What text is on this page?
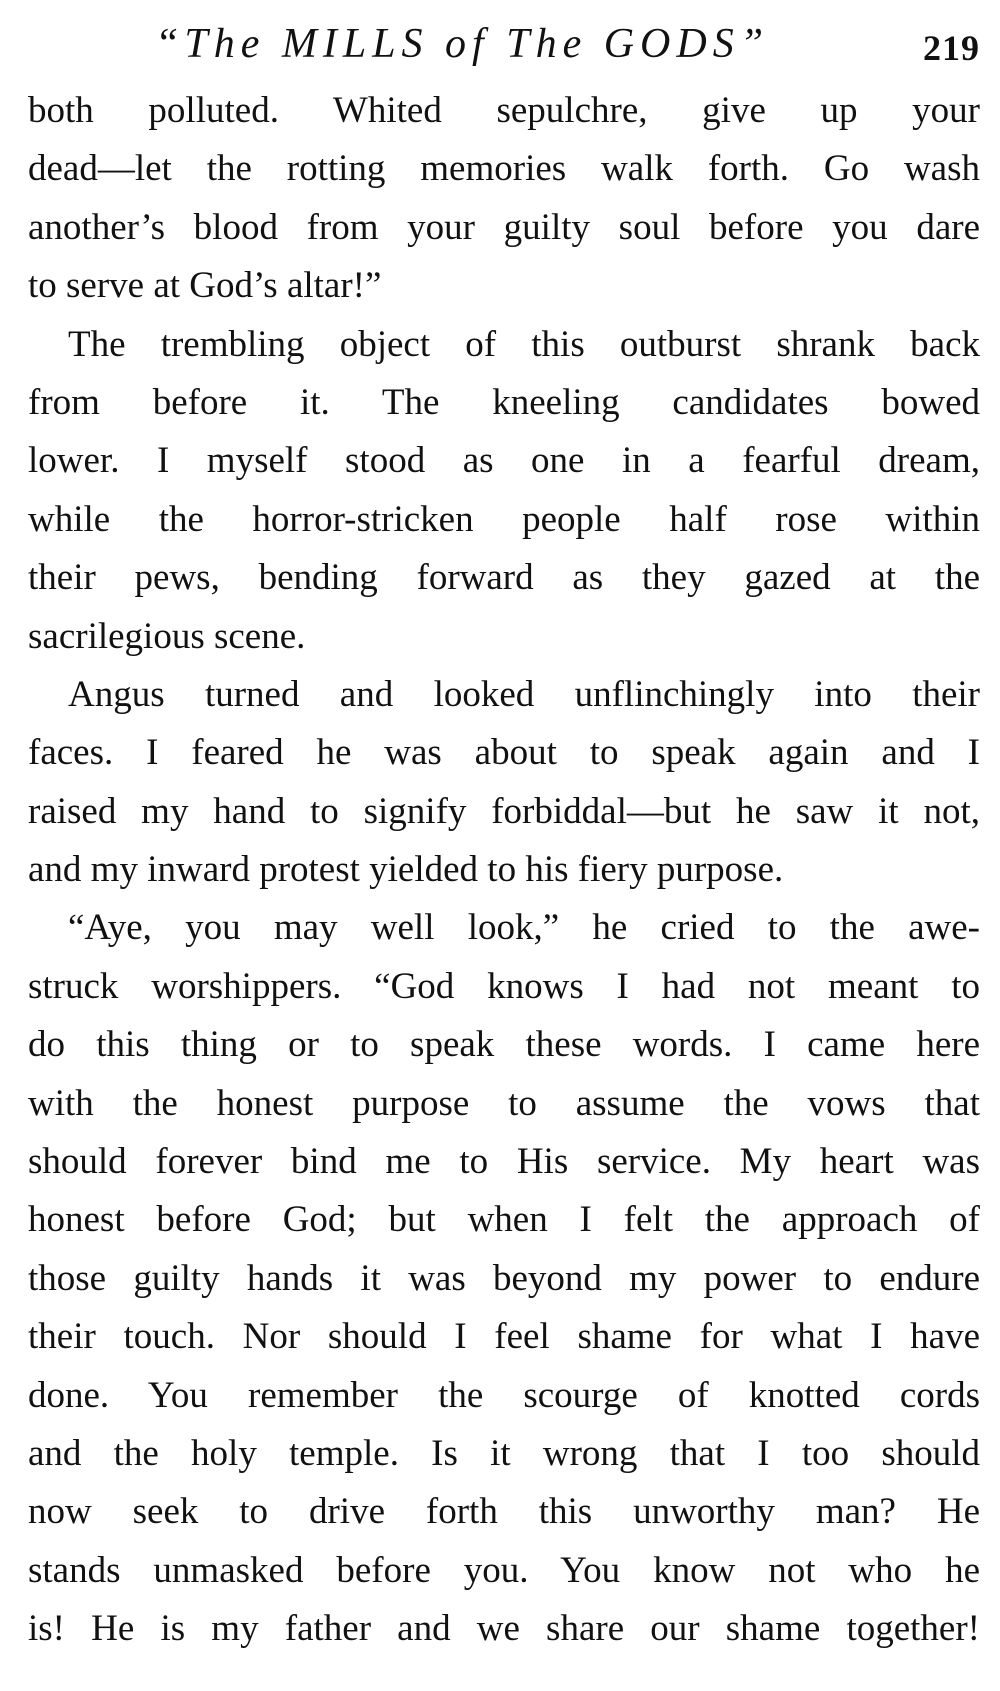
“The MILLS of The GODS”	219
both polluted. Whited sepulchre, give up your
dead—let the rotting memories walk forth. Go wash
another’s blood from your guilty soul before you dare
to serve at God’s altar!”
The trembling object of this outburst shrank back
from before it. The kneeling candidates bowed
lower. I myself stood as one in a fearful dream,
while the horror-stricken people half rose within
their pews, bending forward as they gazed at the
sacrilegious scene.
Angus turned and looked unflinchingly into their
faces. I feared he was about to speak again and I
raised my hand to signify forbiddal—but he saw it not,
and my inward protest yielded to his fiery purpose.
“Aye, you may well look,” he cried to the awe-
struck worshippers. “God knows I had not meant to
do this thing or to speak these words. I came here
with the honest purpose to assume the vows that
should forever bind me to His service. My heart was
honest before God; but when I felt the approach of
those guilty hands it was beyond my power to endure
their touch. Nor should I feel shame for what I have
done. You remember the scourge of knotted cords
and the holy temple. Is it wrong that I too should
now seek to drive forth this unworthy man? He
stands unmasked before you. You know not who he
is! He is my father and we share our shame together!
